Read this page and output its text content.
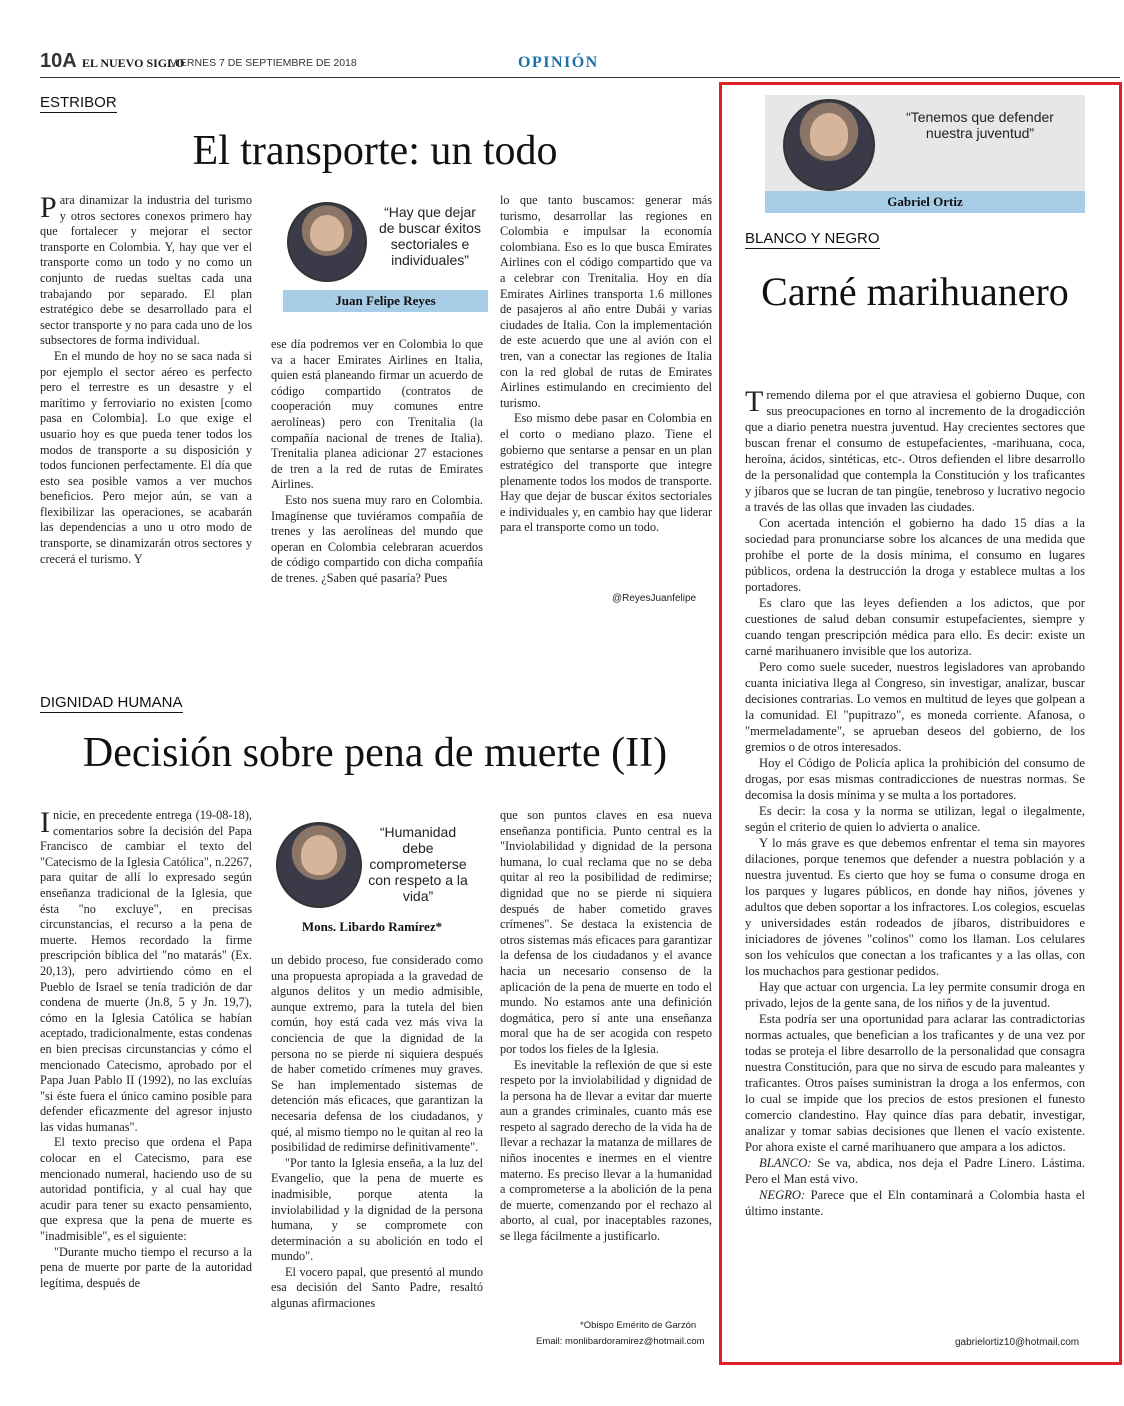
10A EL NUEVO SIGLO
VIERNES 7 DE SEPTIEMBRE DE 2018	OPINIÓN
ESTRIBOR
El transporte: un todo

Para dinamizar la industria del turismo y otros sectores conexos primero hay que fortalecer y mejorar el sector transporte en Colombia. Y, hay que ver el transporte como un todo y no como un conjunto de ruedas sueltas cada una trabajando por separado. El plan estratégico debe se desarrollado para el sector transporte y no para cada uno de los subsectores de forma individual.

En el mundo de hoy no se saca nada si por ejemplo el sector aéreo es perfecto pero el terrestre es un desastre y el marítimo y ferroviario no existen [como pasa en Colombia]. Lo que exige el usuario hoy es que pueda tener todos los modos de transporte a su disposición y todos funcionen perfectamente. El día que esto sea posible vamos a ver muchos beneficios. Pero mejor aún, se van a flexibilizar las operaciones, se acabarán las dependencias a uno u otro modo de transporte, se dinamizarán otros sectores y crecerá el turismo. Y

“Hay que dejar de buscar éxitos sectoriales e individuales”
Juan Felipe Reyes

ese día podremos ver en Colombia lo que va a hacer Emirates Airlines en Italia, quien está planeando firmar un acuerdo de código compartido (contratos de cooperación muy comunes entre aerolíneas) pero con Trenitalia (la compañía nacional de trenes de Italia). Trenitalia planea adicionar 27 estaciones de tren a la red de rutas de Emirates Airlines.

Esto nos suena muy raro en Colombia. Imagínense que tuviéramos compañía de trenes y las aerolíneas del mundo que operan en Colombia celebraran acuerdos de código compartido con dicha compañía de trenes. ¿Saben qué pasaría? Pues

lo que tanto buscamos: generar más turismo, desarrollar las regiones en Colombia e impulsar la economía colombiana. Eso es lo que busca Emirates Airlines con el código compartido que va a celebrar con Trenitalia. Hoy en día Emirates Airlines transporta 1.6 millones de pasajeros al año entre Dubái y varias ciudades de Italia. Con la implementación de este acuerdo que une al avión con el tren, van a conectar las regiones de Italia con la red global de rutas de Emirates Airlines estimulando en crecimiento del turismo.

Eso mismo debe pasar en Colombia en el corto o mediano plazo. Tiene el gobierno que sentarse a pensar en un plan estratégico del transporte que integre plenamente todos los modos de transporte. Hay que dejar de buscar éxitos sectoriales e individuales y, en cambio hay que liderar para el transporte como un todo.

@ReyesJuanfelipe
DIGNIDAD HUMANA
Decisión sobre pena de muerte (II)

Inicie, en precedente entrega (19-08-18), comentarios sobre la decisión del Papa Francisco de cambiar el texto del "Catecismo de la Iglesia Católica", n.2267, para quitar de allí lo expresado según enseñanza tradicional de la Iglesia, que ésta "no excluye", en precisas circunstancias, el recurso a la pena de muerte. Hemos recordado la firme prescripción bíblica del "no matarás" (Ex. 20,13), pero advirtiendo cómo en el Pueblo de Israel se tenía tradición de dar condena de muerte (Jn.8, 5 y Jn. 19,7), cómo en la Iglesia Católica se habían aceptado, tradicionalmente, estas condenas en bien precisas circunstancias y cómo el mencionado Catecismo, aprobado por el Papa Juan Pablo II (1992), no las excluías "si éste fuera el único camino posible para defender eficazmente del agresor injusto las vidas humanas".

El texto preciso que ordena el Papa colocar en el Catecismo, para ese mencionado numeral, haciendo uso de su autoridad pontificia, y al cual hay que acudir para tener su exacto pensamiento, que expresa que la pena de muerte es "inadmisible", es el siguiente:

"Durante mucho tiempo el recurso a la pena de muerte por parte de la autoridad legítima, después de

“Humanidad debe comprometerse con respeto a la vida”
Mons. Libardo Ramírez*

un debido proceso, fue considerado como una propuesta apropiada a la gravedad de algunos delitos y un medio admisible, aunque extremo, para la tutela del bien común, hoy está cada vez más viva la conciencia de que la dignidad de la persona no se pierde ni siquiera después de haber cometido crímenes muy graves. Se han implementado sistemas de detención más eficaces, que garantizan la necesaria defensa de los ciudadanos, y qué, al mismo tiempo no le quitan al reo la posibilidad de redimirse definitivamente".

"Por tanto la Iglesia enseña, a la luz del Evangelio, que la pena de muerte es inadmisible, porque atenta la inviolabilidad y la dignidad de la persona humana, y se compromete con determinación a su abolición en todo el mundo".

El vocero papal, que presentó al mundo esa decisión del Santo Padre, resaltó algunas afirmaciones

que son puntos claves en esa nueva enseñanza pontificia. Punto central es la "Inviolabilidad y dignidad de la persona humana, lo cual reclama que no se deba quitar al reo la posibilidad de redimirse; dignidad que no se pierde ni siquiera después de haber cometido graves crímenes". Se destaca la existencia de otros sistemas más eficaces para garantizar la defensa de los ciudadanos y el avance hacia un necesario consenso de la aplicación de la pena de muerte en todo el mundo. No estamos ante una definición dogmática, pero sí ante una enseñanza moral que ha de ser acogida con respeto por todos los fieles de la Iglesia.

Es inevitable la reflexión de que si este respeto por la inviolabilidad y dignidad de la persona ha de llevar a evitar dar muerte aun a grandes criminales, cuanto más ese respeto al sagrado derecho de la vida ha de llevar a rechazar la matanza de millares de niños inocentes e inermes en el vientre materno. Es preciso llevar a la humanidad a comprometerse a la abolición de la pena de muerte, comenzando por el rechazo al aborto, al cual, por inaceptables razones, se llega fácilmente a justificarlo.

*Obispo Emérito de Garzón
Email: monlibardoramirez@hotmail.com
“Tenemos que defender nuestra juventud”
Gabriel Ortiz
BLANCO Y NEGRO
Carné marihuanero

Tremendo dilema por el que atraviesa el gobierno Duque, con sus preocupaciones en torno al incremento de la drogadicción que a diario penetra nuestra juventud. Hay crecientes sectores que buscan frenar el consumo de estupefacientes, -marihuana, coca, heroína, ácidos, sintéticas, etc-. Otros defienden el libre desarrollo de la personalidad que contempla la Constitución y los traficantes y jíbaros que se lucran de tan pingüe, tenebroso y lucrativo negocio a través de las ollas que invaden las ciudades.

Con acertada intención el gobierno ha dado 15 días a la sociedad para pronunciarse sobre los alcances de una medida que prohíbe el porte de la dosis mínima, el consumo en lugares públicos, ordena la destrucción la droga y establece multas a los portadores.

Es claro que las leyes defienden a los adictos, que por cuestiones de salud deban consumir estupefacientes, siempre y cuando tengan prescripción médica para ello. Es decir: existe un carné marihuanero invisible que los autoriza.

Pero como suele suceder, nuestros legisladores van aprobando cuanta iniciativa llega al Congreso, sin investigar, analizar, buscar decisiones contrarias. Lo vemos en multitud de leyes que golpean a la comunidad. El "pupitrazo", es moneda corriente. Afanosa, o "mermeladamente", se aprueban deseos del gobierno, de los gremios o de otros interesados.

Hoy el Código de Policía aplica la prohibición del consumo de drogas, por esas mismas contradicciones de nuestras normas. Se decomisa la dosis mínima y se multa a los portadores.

Es decir: la cosa y la norma se utilizan, legal o ilegalmente, según el criterio de quien lo advierta o analice.

Y lo más grave es que debemos enfrentar el tema sin mayores dilaciones, porque tenemos que defender a nuestra población y a nuestra juventud. Es cierto que hoy se fuma o consume droga en los parques y lugares públicos, en donde hay niños, jóvenes y adultos que deben soportar a los infractores. Los colegios, escuelas y universidades están rodeados de jíbaros, distribuidores e iniciadores de jóvenes "colinos" como los llaman. Los celulares son los vehículos que conectan a los traficantes y a las ollas, con los muchachos para gestionar pedidos.

Hay que actuar con urgencia. La ley permite consumir droga en privado, lejos de la gente sana, de los niños y de la juventud.

Esta podría ser una oportunidad para aclarar las contradictorias normas actuales, que benefician a los traficantes y de una vez por todas se proteja el libre desarrollo de la personalidad que consagra nuestra Constitución, para que no sirva de escudo para maleantes y traficantes. Otros países suministran la droga a los enfermos, con lo cual se impide que los precios de estos presionen el funesto comercio clandestino. Hay quince días para debatir, investigar, analizar y tomar sabias decisiones que llenen el vacío existente. Por ahora existe el carné marihuanero que ampara a los adictos.

BLANCO: Se va, abdica, nos deja el Padre Linero. Lástima. Pero el Man está vivo.

NEGRO: Parece que el Eln contaminará a Colombia hasta el último instante.

gabrielortiz10@hotmail.com
